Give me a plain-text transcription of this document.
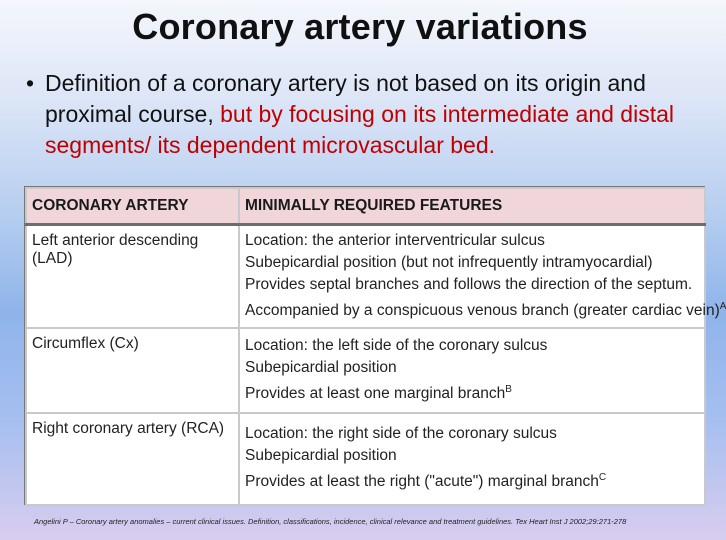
Coronary artery variations
• Definition of a coronary artery is not based on its origin and proximal course, but by focusing on its intermediate and distal segments/ its dependent microvascular bed.
CORONARY ARTERY	MINIMALLY REQUIRED FEATURES
Left anterior descending (LAD)	Location: the anterior interventricular sulcus
Subepicardial position (but not infrequently intramyocardial)
Provides septal branches and follows the direction of the septum.
Accompanied by a conspicuous venous branch (greater cardiac vein)$^A$

Circumflex (Cx)	Location: the left side of the coronary sulcus
Subepicardial position
Provides at least one marginal branch$^B$

Right coronary artery (RCA)	Location: the right side of the coronary sulcus
Subepicardial position
Provides at least the right ("acute") marginal branch$^C$
Angelini P – Coronary artery anomalies – current clinical issues. Definition, classifications, incidence, clinical relevance and treatment guidelines. Tex Heart Inst J 2002;29:271-278
